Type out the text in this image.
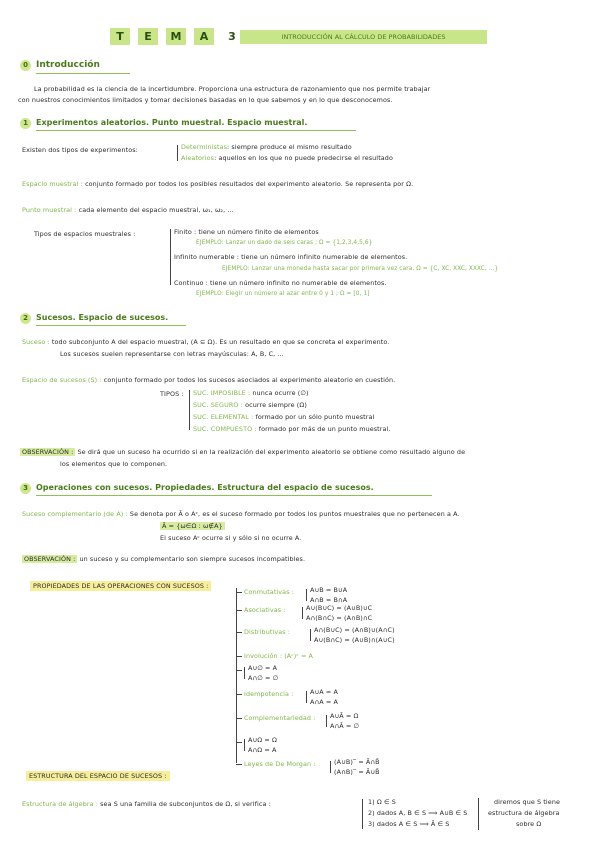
T	E	M	A	3	INTRODUCCIÓN AL CÁLCULO DE PROBABILIDADES
0 Introducción
La probabilidad es la ciencia de la incertidumbre. Proporciona una estructura de razonamiento que nos permite trabajar
con nuestros conocimientos limitados y tomar decisiones basadas en lo que sabemos y en lo que desconocemos.
1 Experimentos aleatorios. Punto muestral. Espacio muestral.
Existen dos tipos de experimentos:	Deterministas: siempre produce el mismo resultado
Aleatorios: aquellos en los que no puede predecirse el resultado
Espacio muestral : conjunto formado por todos los posibles resultados del experimento aleatorio. Se representa por Ω.
Punto muestral : cada elemento del espacio muestral, ω₁, ω₂, ...
Tipos de espacios muestrales :	Finito : tiene un número finito de elementos
EJEMPLO: Lanzar un dado de seis caras ; Ω = {1,2,3,4,5,6}
Infinito numerable : tiene un número infinito numerable de elementos.
EJEMPLO: Lanzar una moneda hasta sacar por primera vez cara. Ω = {C, XC, XXC, XXXC, ...}
Continuo : tiene un número infinito no numerable de elementos.
EJEMPLO: Elegir un número al azar entre 0 y 1 ; Ω = [0, 1]
2 Sucesos. Espacio de sucesos.
Suceso : todo subconjunto A del espacio muestral, (A ⊆ Ω). Es un resultado en que se concreta el experimento.
Los sucesos suelen representarse con letras mayúsculas: A, B, C, ...
Espacio de sucesos (S) : conjunto formado por todos los sucesos asociados al experimento aleatorio en cuestión.
TIPOS : SUC. IMPOSIBLE : nunca ocurre (∅)
SUC. SEGURO : ocurre siempre (Ω)
SUC. ELEMENTAL : formado por un sólo punto muestral
SUC. COMPUESTO : formado por más de un punto muestral.
OBSERVACIÓN : Se dirá que un suceso ha ocurrido si en la realización del experimento aleatorio se obtiene como resultado alguno de
los elementos que lo componen.
3 Operaciones con sucesos. Propiedades. Estructura del espacio de sucesos.
Suceso complementario (de A) : Se denota por Ā o Aᶜ, es el suceso formado por todos los puntos muestrales que no pertenecen a A.
Ā = {ω∈Ω : ω∉A}
El suceso Aᶜ ocurre si y sólo si no ocurre A.
OBSERVACIÓN : un suceso y su complementario son siempre sucesos incompatibles.
PROPIEDADES DE LAS OPERACIONES CON SUCESOS :
Conmutativas : A∪B = B∪A
A∩B = B∩A
Asociativas :	A∪(B∪C) = (A∪B)∪C
A∩(B∩C) = (A∩B)∩C
Distributivas :	A∩(B∪C) = (A∩B)∪(A∩C)
A∪(B∩C) = (A∪B)∩(A∪C)
Involución : (Aᶜ)ᶜ = A
A∪∅ = A
A∩∅ = ∅
Idempotencia :	A∪A = A
A∩A = A
Complementariedad : A∪Ā = Ω
A∩Ā = ∅
A∪Ω = Ω
A∩Ω = A
Leyes de De Morgan :	(A∪B)‾ = Ā∩B̄
(A∩B)‾ = Ā∪B̄
ESTRUCTURA DEL ESPACIO DE SUCESOS :
Estructura de álgebra : sea S una familia de subconjuntos de Ω, si verifica :	1) Ω ∈ S
2) dados A, B ∈ S ⟹ A∪B ∈ S
3) dados A ∈ S ⟹ Ā ∈ S
diremos que S tiene
estructura de álgebra
sobre Ω
